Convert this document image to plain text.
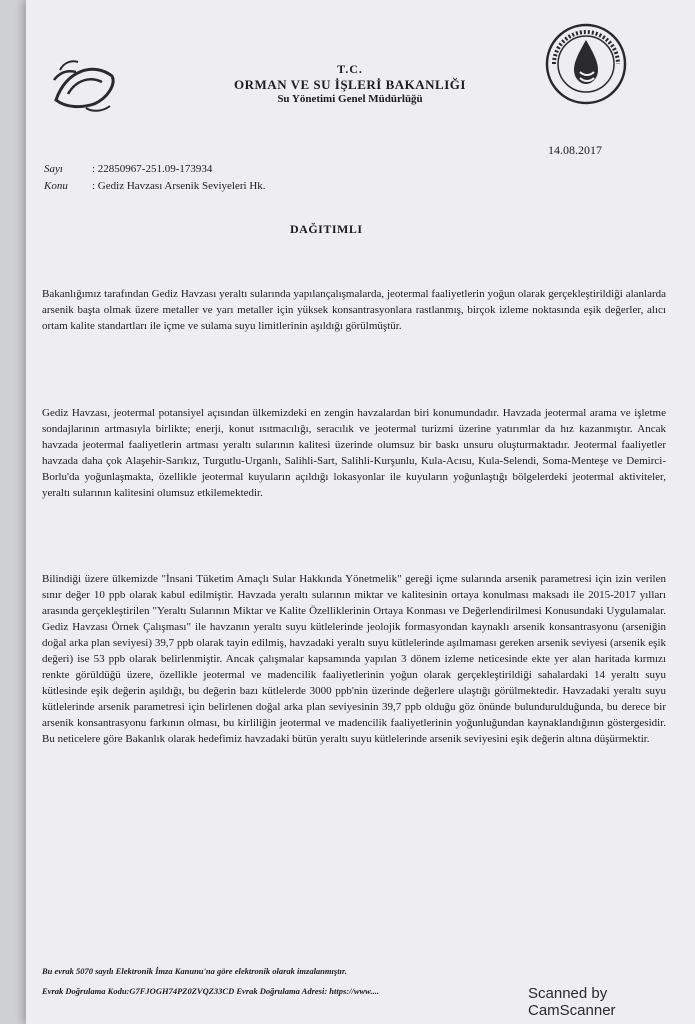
T.C.
ORMAN VE SU İŞLERİ BAKANLIĞI
Su Yönetimi Genel Müdürlüğü
14.08.2017
Sayı	: 22850967-251.09-173934
Konu : Gediz Havzası Arsenik Seviyeleri Hk.
DAĞITIMLI

Bakanlığımız tarafından Gediz Havzası yeraltı sularında yapılançalışmalarda, jeotermal faaliyetlerin yoğun olarak gerçekleştirildiği alanlarda arsenik başta olmak üzere metaller ve yarı metaller için yüksek konsantrasyonlara rastlanmış, birçok izleme noktasında eşik değerler, alıcı ortam kalite standartları ile içme ve sulama suyu limitlerinin aşıldığı görülmüştür.

Gediz Havzası, jeotermal potansiyel açısından ülkemizdeki en zengin havzalardan biri konumundadır. Havzada jeotermal arama ve işletme sondajlarının artmasıyla birlikte; enerji, konut ısıtmacılığı, seracılık ve jeotermal turizmi üzerine yatırımlar da hız kazanmıştır. Ancak havzada jeotermal faaliyetlerin artması yeraltı sularının kalitesi üzerinde olumsuz bir baskı unsuru oluşturmaktadır. Jeotermal faaliyetler havzada daha çok Alaşehir-Sarıkız, Turgutlu-Urganlı, Salihli-Sart, Salihli-Kurşunlu, Kula-Acısu, Kula-Selendi, Soma-Menteşe ve Demirci-Borlu'da yoğunlaşmakta, özellikle jeotermal kuyuların açıldığı lokasyonlar ile kuyuların yoğunlaştığı bölgelerdeki jeotermal aktiviteler, yeraltı sularının kalitesini olumsuz etkilemektedir.

Bilindiği üzere ülkemizde "İnsani Tüketim Amaçlı Sular Hakkında Yönetmelik" gereği içme sularında arsenik parametresi için izin verilen sınır değer 10 ppb olarak kabul edilmiştir. Havzada yeraltı sularının miktar ve kalitesinin ortaya konulması maksadı ile 2015-2017 yılları arasında gerçekleştirilen "Yeraltı Sularının Miktar ve Kalite Özelliklerinin Ortaya Konması ve Değerlendirilmesi Konusundaki Uygulamalar. Gediz Havzası Örnek Çalışması" ile havzanın yeraltı suyu kütlelerinde jeolojik formasyondan kaynaklı arsenik konsantrasyonu (arseniğin doğal arka plan seviyesi) 39,7 ppb olarak tayin edilmiş, havzadaki yeraltı suyu kütlelerinde aşılmaması gereken arsenik seviyesi (arsenik eşik değeri) ise 53 ppb olarak belirlenmiştir. Ancak çalışmalar kapsamında yapılan 3 dönem izleme neticesinde ekte yer alan haritada kırmızı renkte görüldüğü üzere, özellikle jeotermal ve madencilik faaliyetlerinin yoğun olarak gerçekleştirildiği sahalardaki 14 yeraltı suyu kütlesinde eşik değerin aşıldığı, bu değerin bazı kütlelerde 3000 ppb'nin üzerinde değerlere ulaştığı görülmektedir. Havzadaki yeraltı suyu kütlelerinde arsenik parametresi için belirlenen doğal arka plan seviyesinin 39,7 ppb olduğu göz önünde bulundurulduğunda, bu derece bir arsenik konsantrasyonu farkının olması, bu kirliliğin jeotermal ve madencilik faaliyetlerinin yoğunluğundan kaynaklandığının göstergesidir. Bu neticelere göre Bakanlık olarak hedefimiz havzadaki bütün yeraltı suyu kütlelerinde arsenik seviyesini eşik değerin altına düşürmektir.

Bu evrak 5070 sayılı Elektronik İmza Kanunu'na göre elektronik olarak imzalanmıştır.
Evrak Doğrulama Kodu:G7FJOGH74PZ0ZVQZ33CD Evrak Doğrulama Adresi: https://www....	Scanned by CamScanner
